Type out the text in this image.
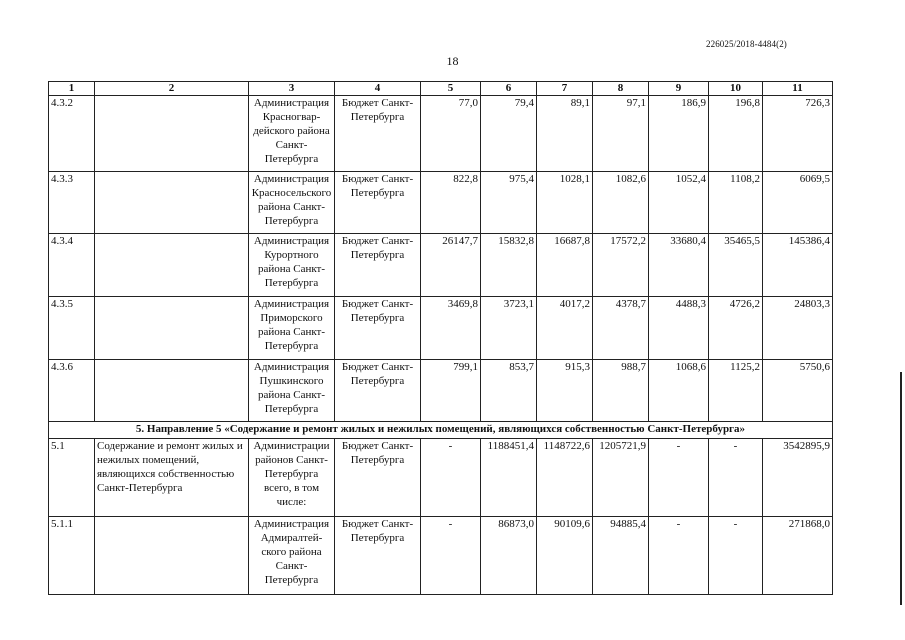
226025/2018-4484(2)
18
1	2	3	4	5	6	7	8	9	10	11
4.3.2		Администрация Красногвар-дейского района Санкт-Петербурга	Бюджет Санкт-Петербурга	77,0	79,4	89,1	97,1	186,9	196,8	726,3
4.3.3		Администрация Красносельского района Санкт-Петербурга	Бюджет Санкт-Петербурга	822,8	975,4	1028,1	1082,6	1052,4	1108,2	6069,5
4.3.4		Администрация Курортного района Санкт-Петербурга	Бюджет Санкт-Петербурга	26147,7	15832,8	16687,8	17572,2	33680,4	35465,5	145386,4
4.3.5		Администрация Приморского района Санкт-Петербурга	Бюджет Санкт-Петербурга	3469,8	3723,1	4017,2	4378,7	4488,3	4726,2	24803,3
4.3.6		Администрация Пушкинского района Санкт-Петербурга	Бюджет Санкт-Петербурга	799,1	853,7	915,3	988,7	1068,6	1125,2	5750,6
5. Направление 5 «Содержание и ремонт жилых и нежилых помещений, являющихся собственностью Санкт-Петербурга»										
5.1	Содержание и ремонт жилых и нежилых помещений, являющихся собственностью Санкт-Петербурга	Администрации районов Санкт-Петербурга всего, в том числе:	Бюджет Санкт-Петербурга	-	1188451,4	1148722,6	1205721,9	-	-	3542895,9
5.1.1		Администрация Адмиралтей-ского района Санкт-Петербурга	Бюджет Санкт-Петербурга	-	86873,0	90109,6	94885,4	-	-	271868,0
